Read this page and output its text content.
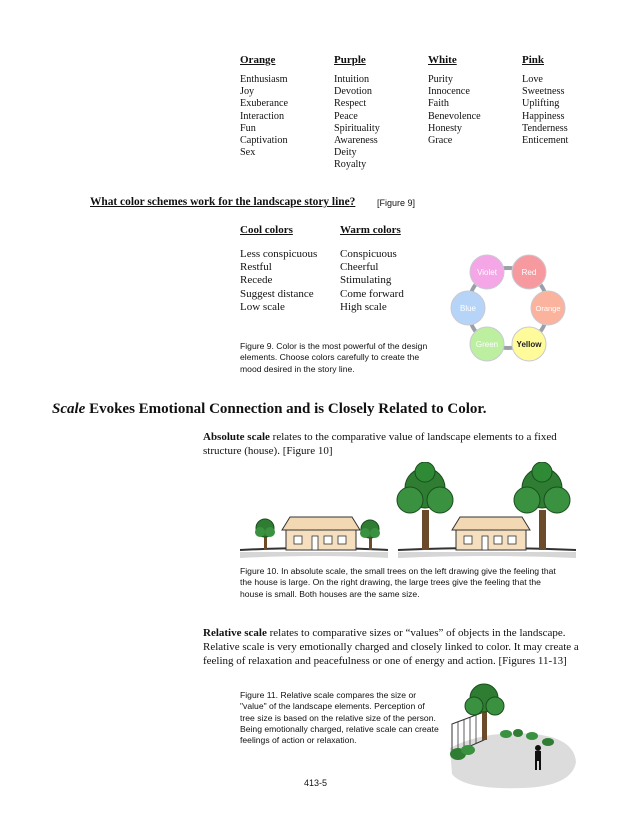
Orange
Enthusiasm
Joy
Exuberance
Interaction
Fun
Captivation
Sex
Purple
Intuition
Devotion
Respect
Peace
Spirituality
Awareness
Deity
Royalty
White
Purity
Innocence
Faith
Benevolence
Honesty
Grace
Pink
Love
Sweetness
Uplifting
Happiness
Tenderness
Enticement
What color schemes work for the landscape story line? [Figure 9]
Cool colors
Less conspicuous
Restful
Recede
Suggest distance
Low scale
Warm colors
Conspicuous
Cheerful
Stimulating
Come forward
High scale
Violet	Red
Orange
Yellow
Green
Blue
Figure 9. Color is the most powerful of the design elements. Choose colors carefully to create the mood desired in the story line.
Scale Evokes Emotional Connection and is Closely Related to Color.
Absolute scale relates to the comparative value of landscape elements to a fixed structure (house). [Figure 10]
Figure 10. In absolute scale, the small trees on the left drawing give the feeling that the house is large. On the right drawing, the large trees give the feeling that the house is small. Both houses are the same size.
Relative scale relates to comparative sizes or “values” of objects in the landscape. Relative scale is very emotionally charged and closely linked to color. It may create a feeling of relaxation and peacefulness or one of energy and action. [Figures 11-13]
Figure 11. Relative scale compares the size or "value" of the landscape elements. Perception of tree size is based on the relative size of the person. Being emotionally charged, relative scale can create feelings of action or relaxation.
413-5
